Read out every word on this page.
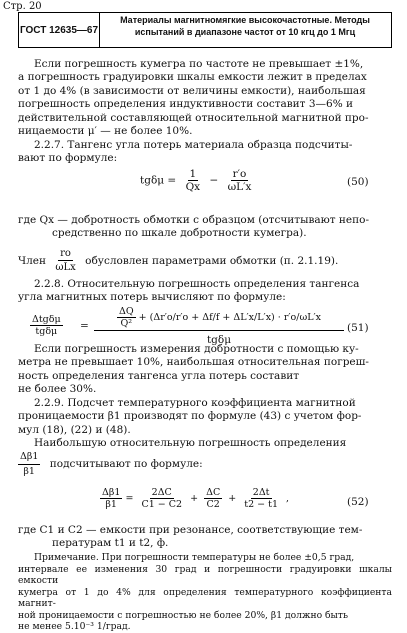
Стр. 20
ГОСТ 12635—67
Материалы магнитномягкие высокочастотные. Методы испытаний в диапазоне частот от 10 кгц до 1 Мгц
Если погрешность кумегра по частоте не превышает ±1%,
а погрешность градуировки шкалы емкости лежит в пределах
от 1 до 4% (в зависимости от величины емкости), наибольшая
погрешность определения индуктивности составит 3—6% и
действительной составляющей относительной магнитной про-
ницаемости μ′ — не более 10%.
2.2.7. Тангенс угла потерь материала образца подсчиты-
вают по формуле:
$tg\delta\mu = \frac{1}{Qx} - \frac{r'o}{\omega L'x}$	(50)
где Qx — добротность обмотки с образцом (отсчитывают непо-
средственно по шкале добротности кумегра).
Член $\frac{ro}{\text{ωLx}}$ обусловлен параметрами обмотки (п. 2.1.19).
2.2.8. Относительную погрешность определения тангенса
угла магнитных потерь вычисляют по формуле:
Δtgδμ
tgδμ =	$\frac{\Delta Q}{\text{Q²}} + (\Delta r'o/r'o + \Delta f/f + \Delta L'x/L'x) \cdot r'o/\omega L'x$
tgδμ
(51)
Если погрешность измерения добротности с помощью ку-
метра не превышает 10%, наибольшая относительная погреш-
ность определения тангенса угла потерь составит
не более 30%.
2.2.9. Подсчет температурного коэффициента магнитной
проницаемости β1 производят по формуле (43) с учетом фор-
мул (18), (22) и (48).
Наибольшую относительную погрешность определения
$\frac{\Delta\beta 1}{\beta 1}$ подсчитывают по формуле:
$\frac{\Delta\beta 1}{\beta 1} = \frac{2\Delta C}{C1 - C2} + \frac{\Delta C}{C2} + \frac{2\Delta t}{t2 - t1}$ ,	(52)
где C1 и C2 — емкости при резонансе, соответствующие тем-
пературам t1 и t2, ф.
Примечание. При погрешности температуры не более ±0,5 град,
интервале ее изменения 30 град и погрешности градуировки шкалы емкости
кумегра от 1 до 4% для определения температурного коэффициента магнит-
ной проницаемости с погрешностью не более 20%, β1 должно быть
не менее 5.10⁻³ 1/град.
